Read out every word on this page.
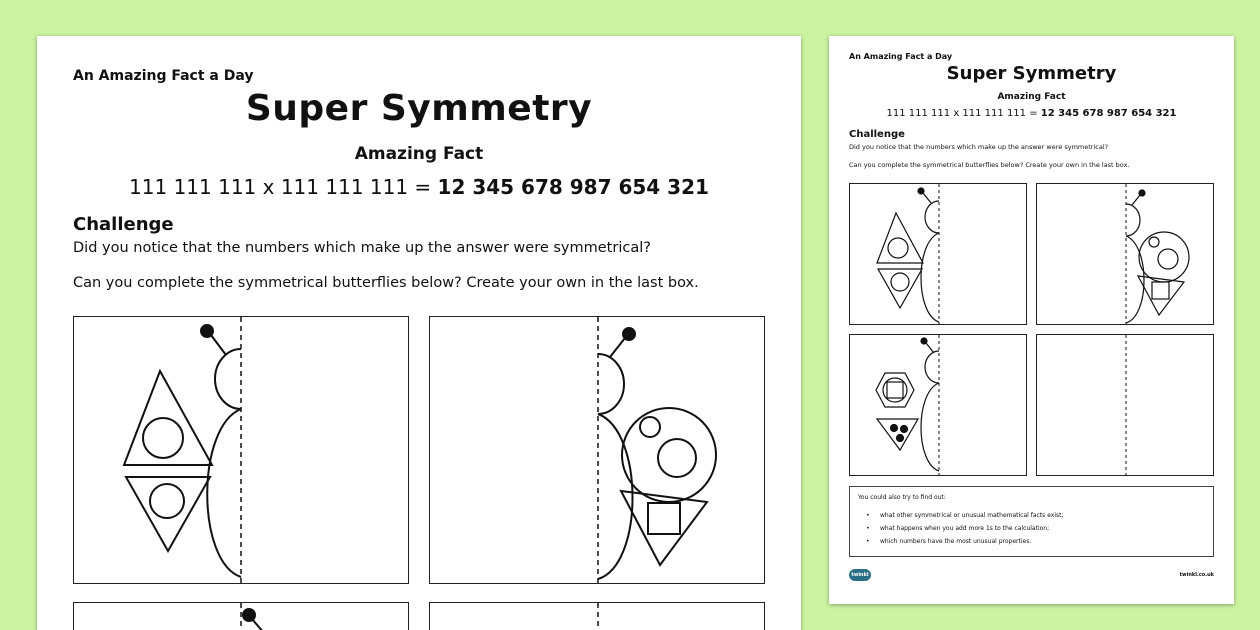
An Amazing Fact a Day
Super Symmetry
Amazing Fact
111 111 111 x 111 111 111 = 12 345 678 987 654 321
Challenge
Did you notice that the numbers which make up the answer were symmetrical?
Can you complete the symmetrical butterflies below? Create your own in the last box.
An Amazing Fact a Day
Super Symmetry
Amazing Fact
111 111 111 x 111 111 111 = 12 345 678 987 654 321
Challenge
Did you notice that the numbers which make up the answer were symmetrical?
Can you complete the symmetrical butterflies below? Create your own in the last box.
You could also try to find out:
• what other symmetrical or unusual mathematical facts exist;
• what happens when you add more 1s to the calculation;
• which numbers have the most unusual properties.
twinkl	twinkl.co.uk
